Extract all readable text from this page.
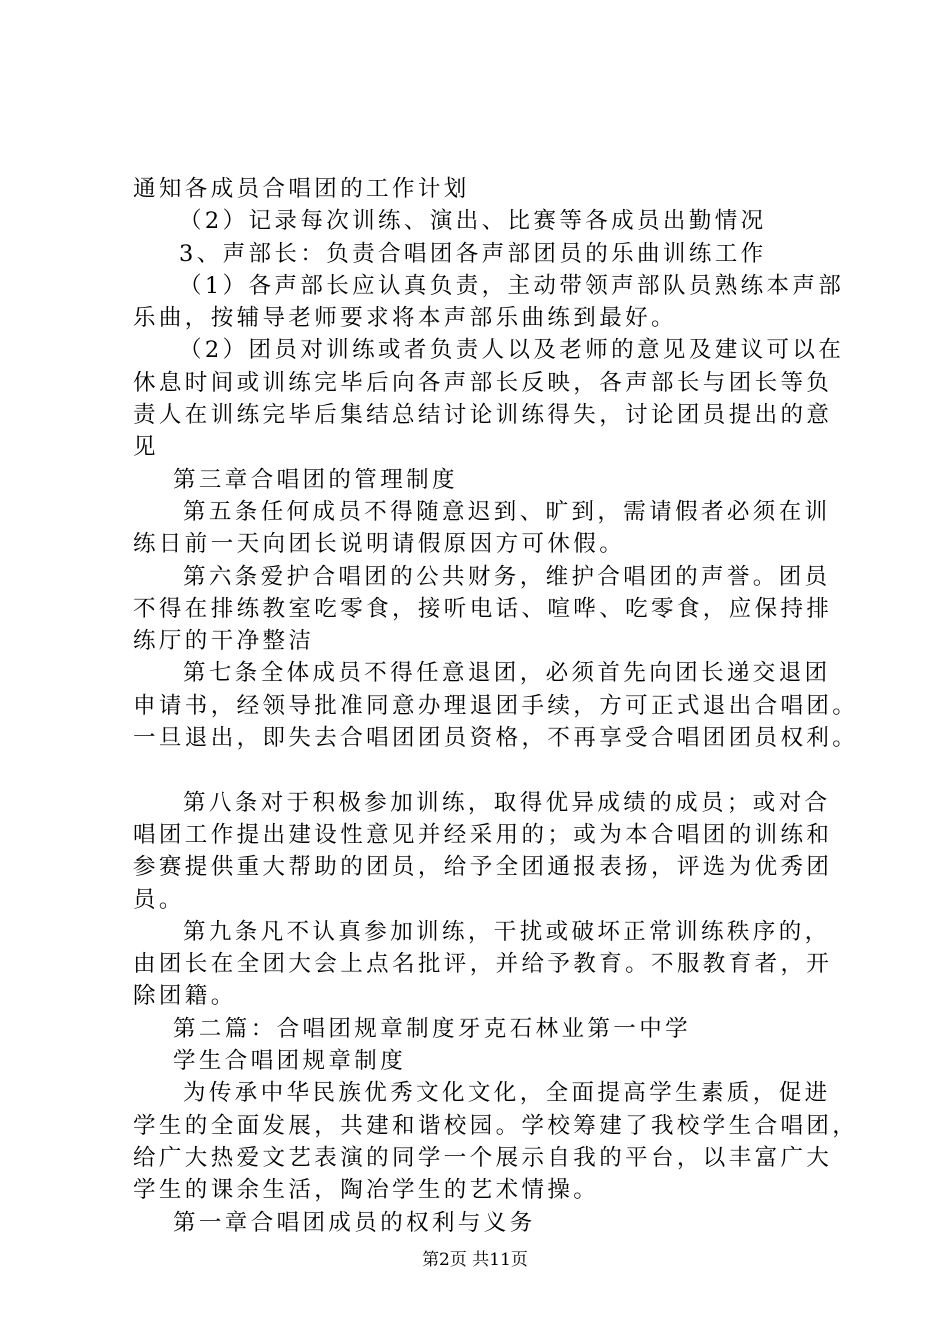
通知各成员合唱团的工作计划
（2）记录每次训练、演出、比赛等各成员出勤情况
3、声部长：负责合唱团各声部团员的乐曲训练工作
（1）各声部长应认真负责，主动带领声部队员熟练本声部
乐曲，按辅导老师要求将本声部乐曲练到最好。
（2）团员对训练或者负责人以及老师的意见及建议可以在
休息时间或训练完毕后向各声部长反映，各声部长与团长等负
责人在训练完毕后集结总结讨论训练得失，讨论团员提出的意
见
第三章合唱团的管理制度
第五条任何成员不得随意迟到、旷到，需请假者必须在训
练日前一天向团长说明请假原因方可休假。
第六条爱护合唱团的公共财务，维护合唱团的声誉。团员
不得在排练教室吃零食，接听电话、喧哗、吃零食，应保持排
练厅的干净整洁
第七条全体成员不得任意退团，必须首先向团长递交退团
申请书，经领导批准同意办理退团手续，方可正式退出合唱团。
一旦退出，即失去合唱团团员资格，不再享受合唱团团员权利。
第八条对于积极参加训练，取得优异成绩的成员；或对合
唱团工作提出建设性意见并经采用的；或为本合唱团的训练和
参赛提供重大帮助的团员，给予全团通报表扬，评选为优秀团
员。
第九条凡不认真参加训练，干扰或破坏正常训练秩序的，
由团长在全团大会上点名批评，并给予教育。不服教育者，开
除团籍。
第二篇：合唱团规章制度牙克石林业第一中学
学生合唱团规章制度
为传承中华民族优秀文化文化，全面提高学生素质，促进
学生的全面发展，共建和谐校园。学校筹建了我校学生合唱团，
给广大热爱文艺表演的同学一个展示自我的平台，以丰富广大
学生的课余生活，陶冶学生的艺术情操。
第一章合唱团成员的权利与义务
第2页 共11页
